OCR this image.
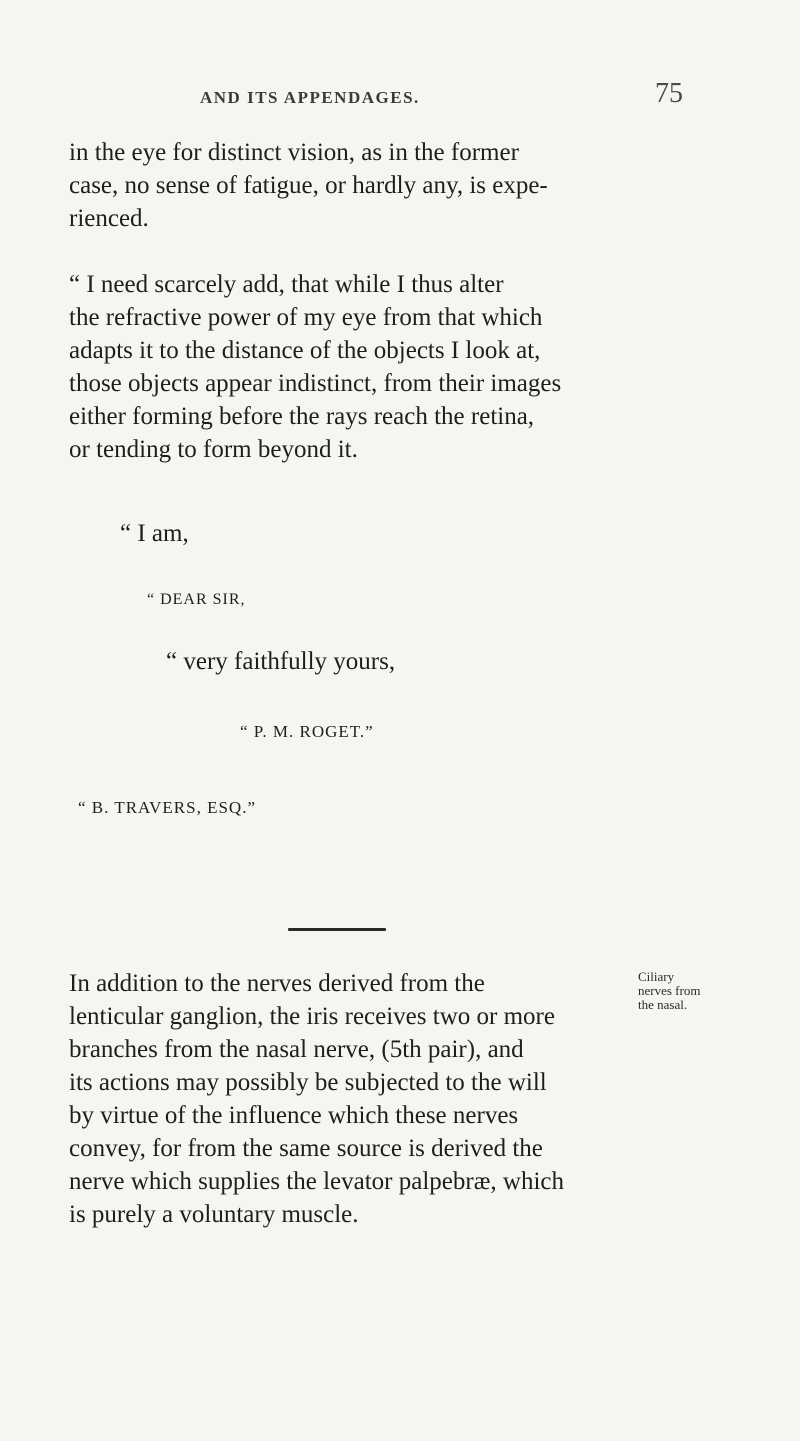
AND ITS APPENDAGES.	75

in the eye for distinct vision, as in the former
case, no sense of fatigue, or hardly any, is expe-
rienced.

“ I need scarcely add, that while I thus alter
the refractive power of my eye from that which
adapts it to the distance of the objects I look at,
those objects appear indistinct, from their images
either forming before the rays reach the retina,
or tending to form beyond it.

“ I am,
“ DEAR SIR,
“ very faithfully yours,
“ P. M. ROGET.”
“ B. TRAVERS, ESQ.”

In addition to the nerves derived from the
lenticular ganglion, the iris receives two or more
branches from the nasal nerve, (5th pair), and
its actions may possibly be subjected to the will
by virtue of the influence which these nerves
convey, for from the same source is derived the
nerve which supplies the levator palpebræ, which
is purely a voluntary muscle.

Ciliary
nerves from
the nasal.
